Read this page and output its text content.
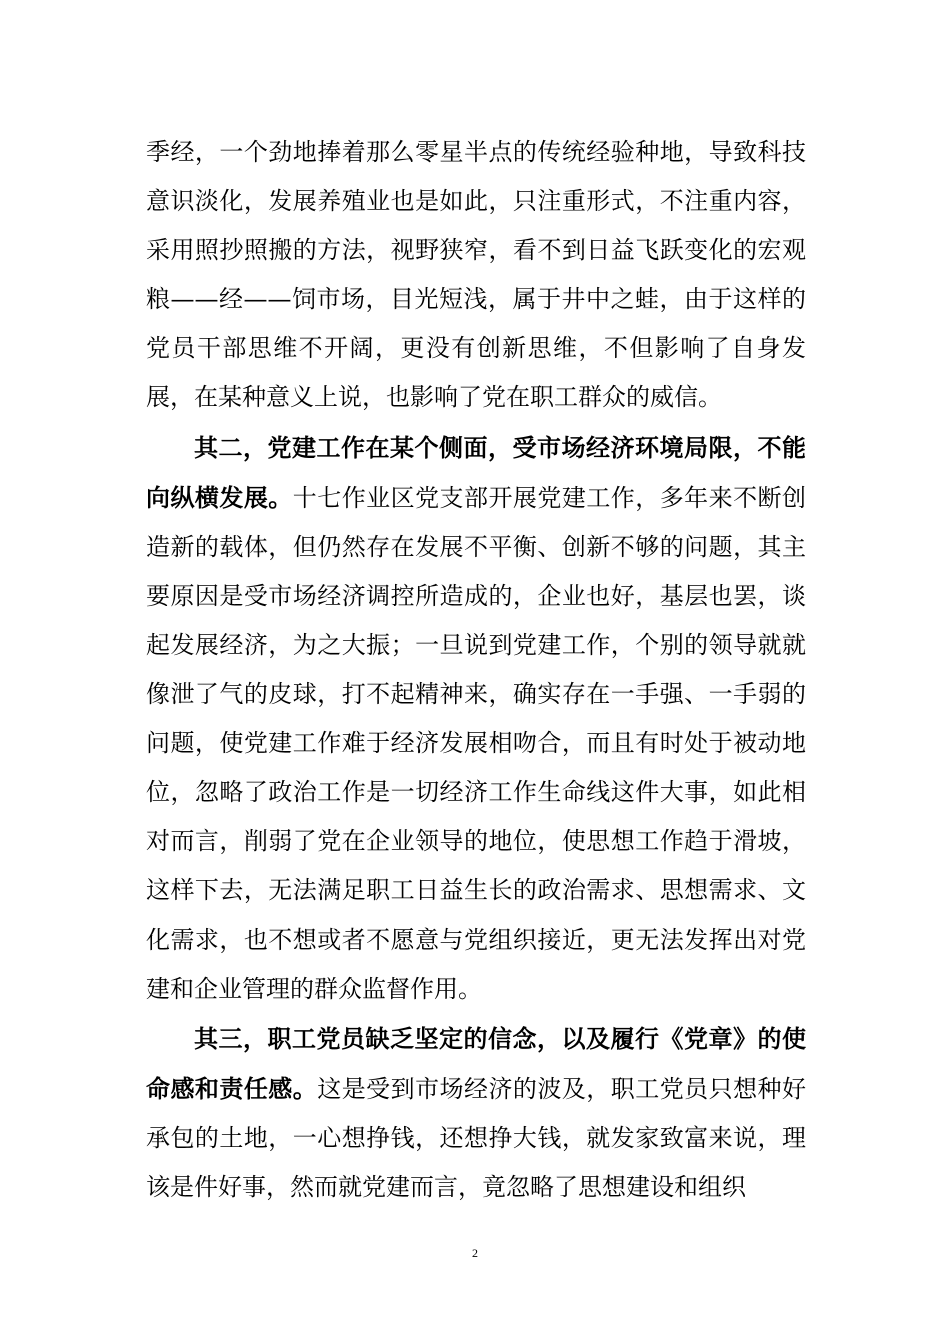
季经，一个劲地捧着那么零星半点的传统经验种地，导致科技意识淡化，发展养殖业也是如此，只注重形式，不注重内容，采用照抄照搬的方法，视野狭窄，看不到日益飞跃变化的宏观粮——经——饲市场，目光短浅，属于井中之蛙，由于这样的党员干部思维不开阔，更没有创新思维，不但影响了自身发展，在某种意义上说，也影响了党在职工群众的威信。

其二，党建工作在某个侧面，受市场经济环境局限，不能向纵横发展。十七作业区党支部开展党建工作，多年来不断创造新的载体，但仍然存在发展不平衡、创新不够的问题，其主要原因是受市场经济调控所造成的，企业也好，基层也罢，谈起发展经济，为之大振；一旦说到党建工作，个别的领导就就像泄了气的皮球，打不起精神来，确实存在一手强、一手弱的问题，使党建工作难于经济发展相吻合，而且有时处于被动地位，忽略了政治工作是一切经济工作生命线这件大事，如此相对而言，削弱了党在企业领导的地位，使思想工作趋于滑坡，这样下去，无法满足职工日益生长的政治需求、思想需求、文化需求，也不想或者不愿意与党组织接近，更无法发挥出对党建和企业管理的群众监督作用。

其三，职工党员缺乏坚定的信念，以及履行《党章》的使命感和责任感。这是受到市场经济的波及，职工党员只想种好承包的土地，一心想挣钱，还想挣大钱，就发家致富来说，理该是件好事，然而就党建而言，竟忽略了思想建设和组织

2
